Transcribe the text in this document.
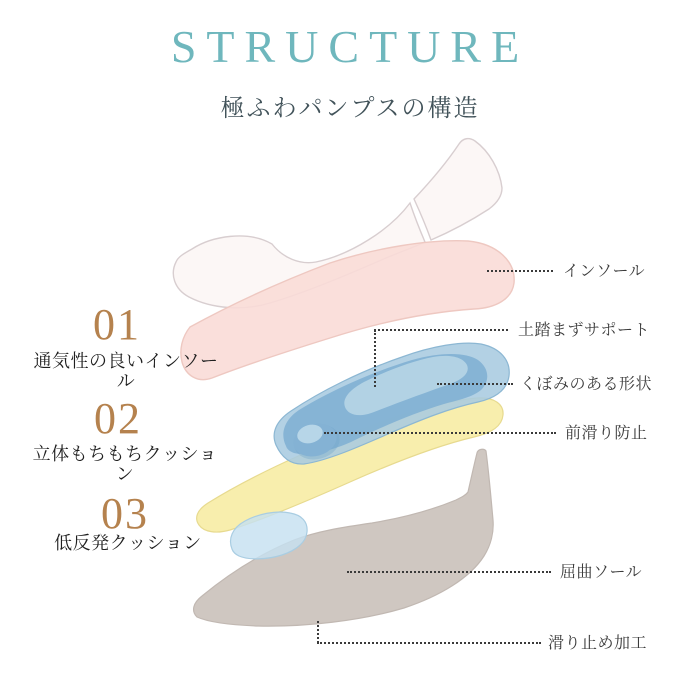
STRUCTURE
極ふわパンプスの構造
01
通気性の良いインソール
02
立体もちもちクッション
03
低反発クッション
インソール
土踏まずサポート
くぼみのある形状
前滑り防止
屈曲ソール
滑り止め加工
